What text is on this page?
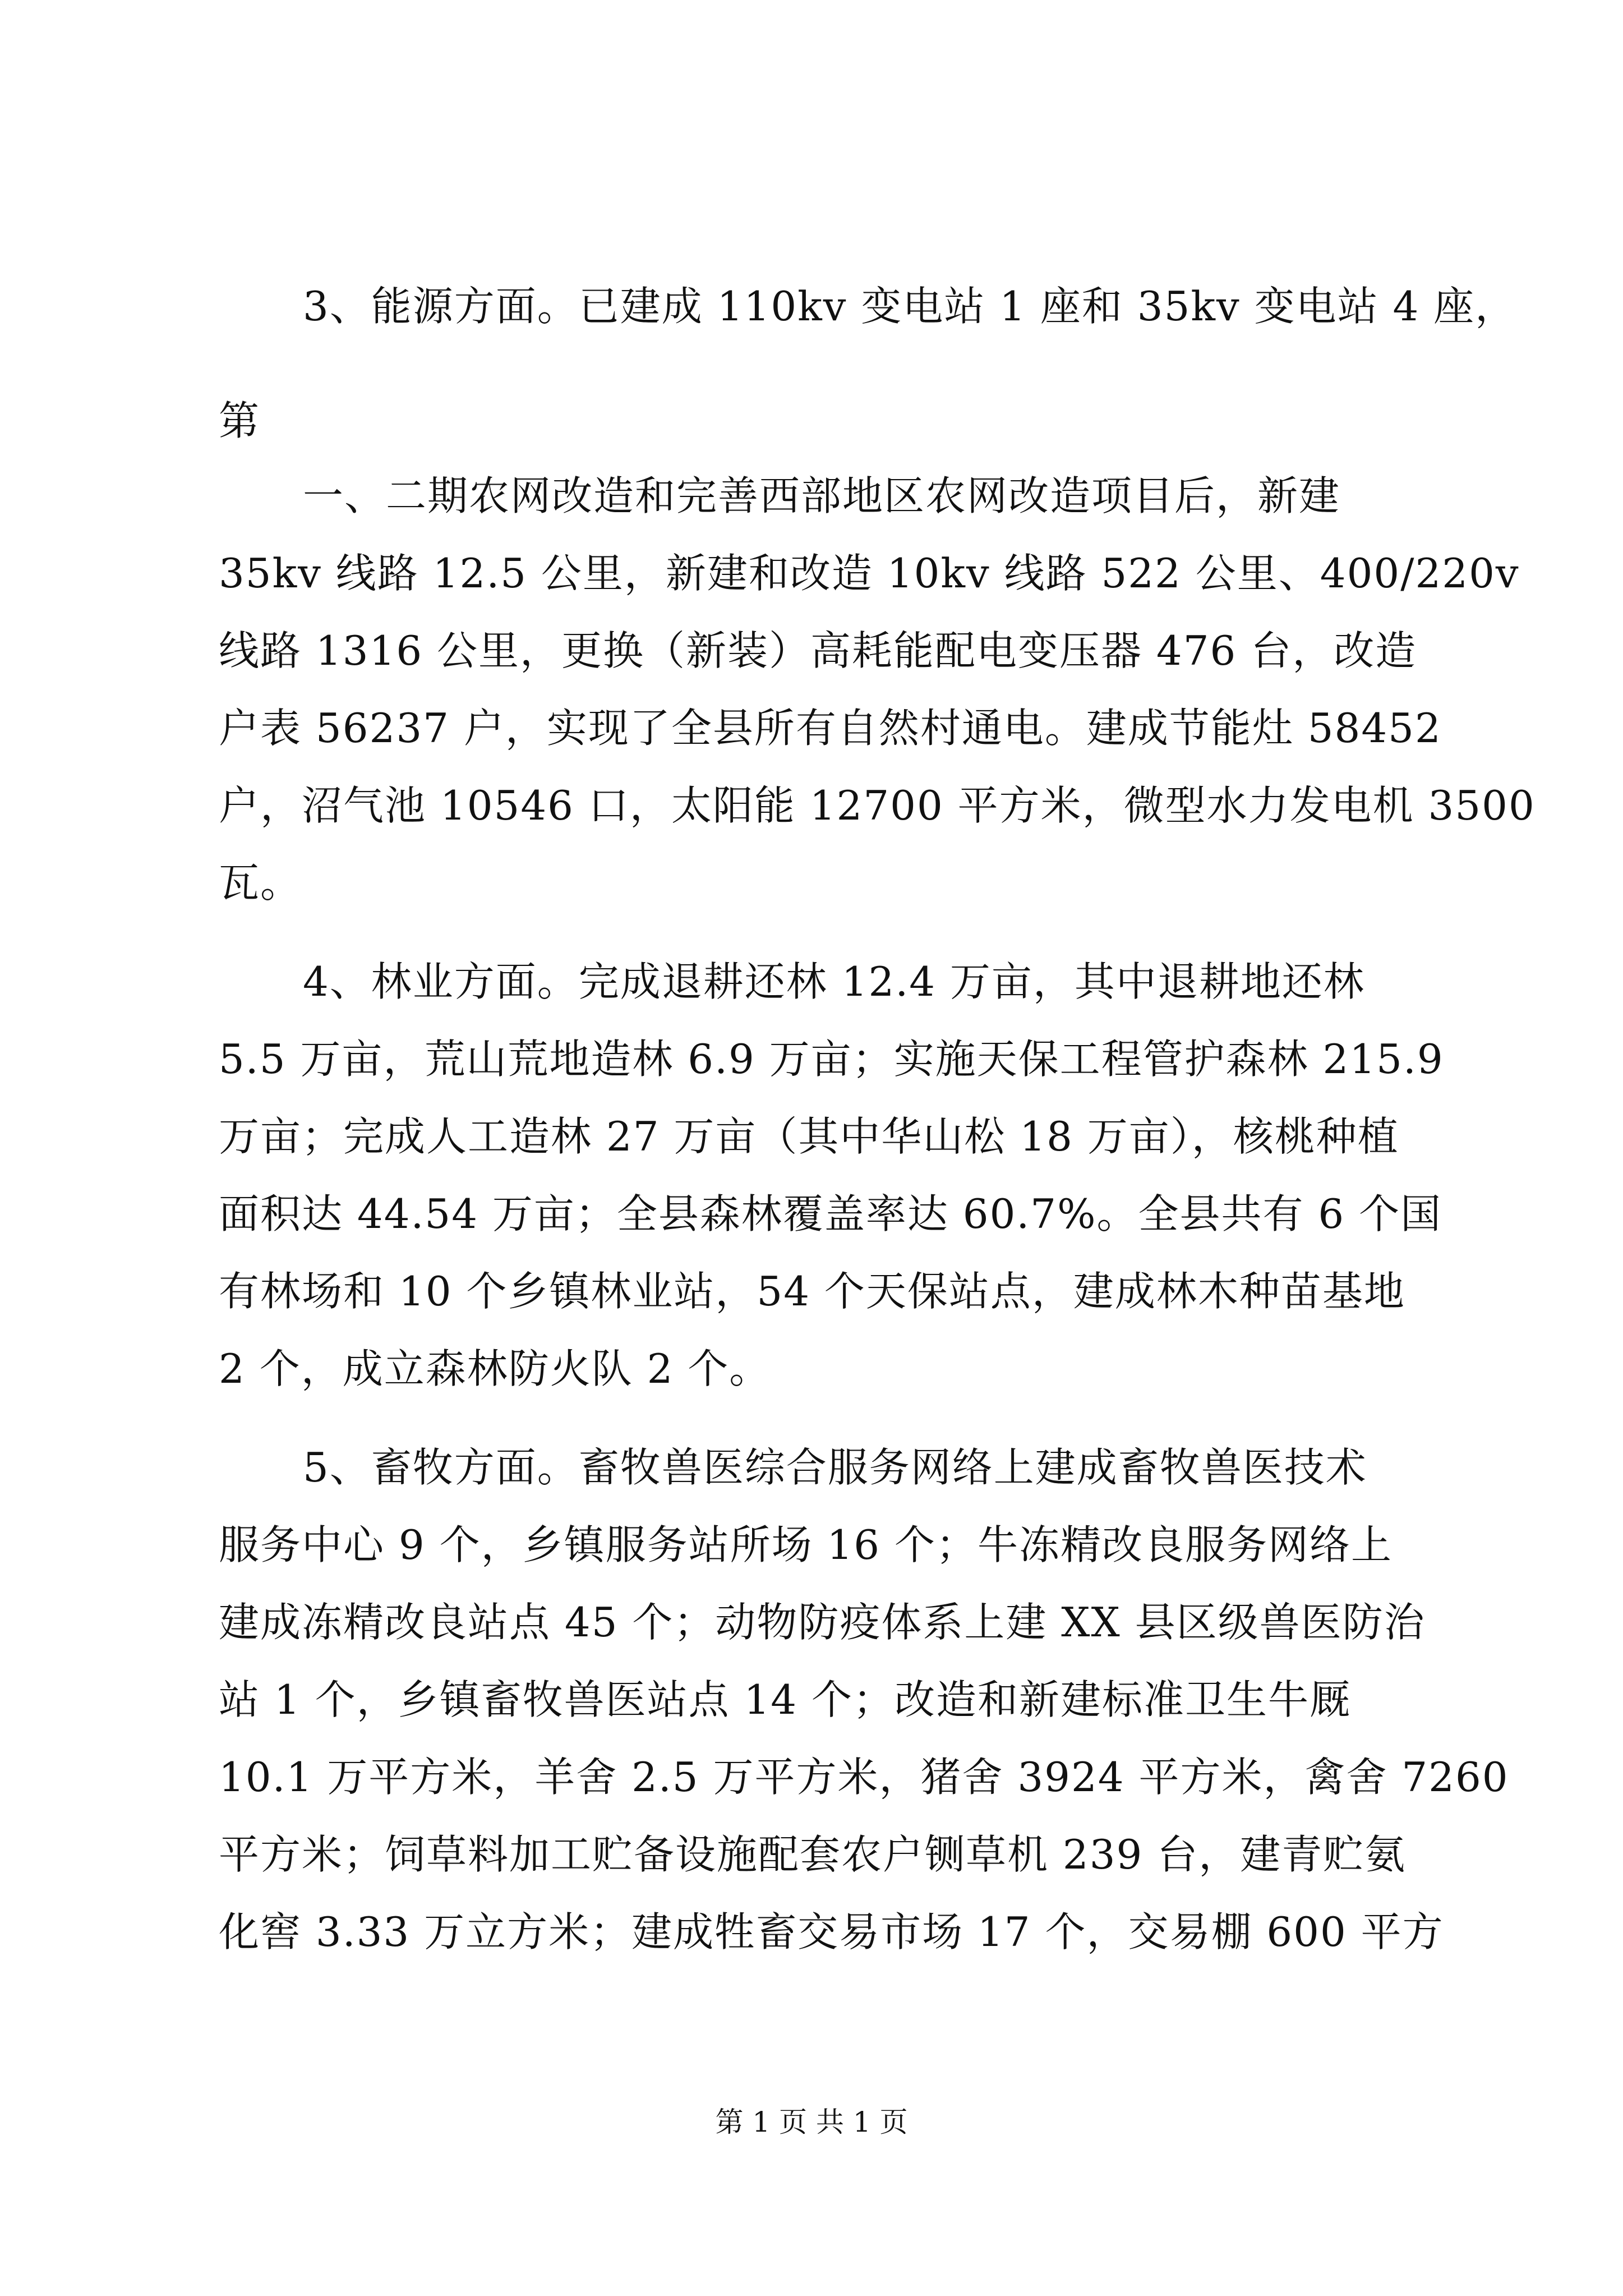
3、能源方面。已建成 110kv 变电站 1 座和 35kv 变电站 4 座，
第
一、二期农网改造和完善西部地区农网改造项目后，新建
35kv 线路 12.5 公里，新建和改造 10kv 线路 522 公里、400/220v
线路 1316 公里，更换（新装）高耗能配电变压器 476 台，改造
户表 56237 户，实现了全县所有自然村通电。建成节能灶 58452
户，沼气池 10546 口，太阳能 12700 平方米，微型水力发电机 3500
瓦。
4、林业方面。完成退耕还林 12.4 万亩，其中退耕地还林
5.5 万亩，荒山荒地造林 6.9 万亩；实施天保工程管护森林 215.9
万亩；完成人工造林 27 万亩（其中华山松 18 万亩），核桃种植
面积达 44.54 万亩；全县森林覆盖率达 60.7%。全县共有 6 个国
有林场和 10 个乡镇林业站，54 个天保站点，建成林木种苗基地
2 个，成立森林防火队 2 个。
5、畜牧方面。畜牧兽医综合服务网络上建成畜牧兽医技术
服务中心 9 个，乡镇服务站所场 16 个；牛冻精改良服务网络上
建成冻精改良站点 45 个；动物防疫体系上建 XX 县区级兽医防治
站 1 个，乡镇畜牧兽医站点 14 个；改造和新建标准卫生牛厩
10.1 万平方米，羊舍 2.5 万平方米，猪舍 3924 平方米，禽舍 7260
平方米；饲草料加工贮备设施配套农户铡草机 239 台，建青贮氨
化窖 3.33 万立方米；建成牲畜交易市场 17 个，交易棚 600 平方
第 1 页 共 1 页
